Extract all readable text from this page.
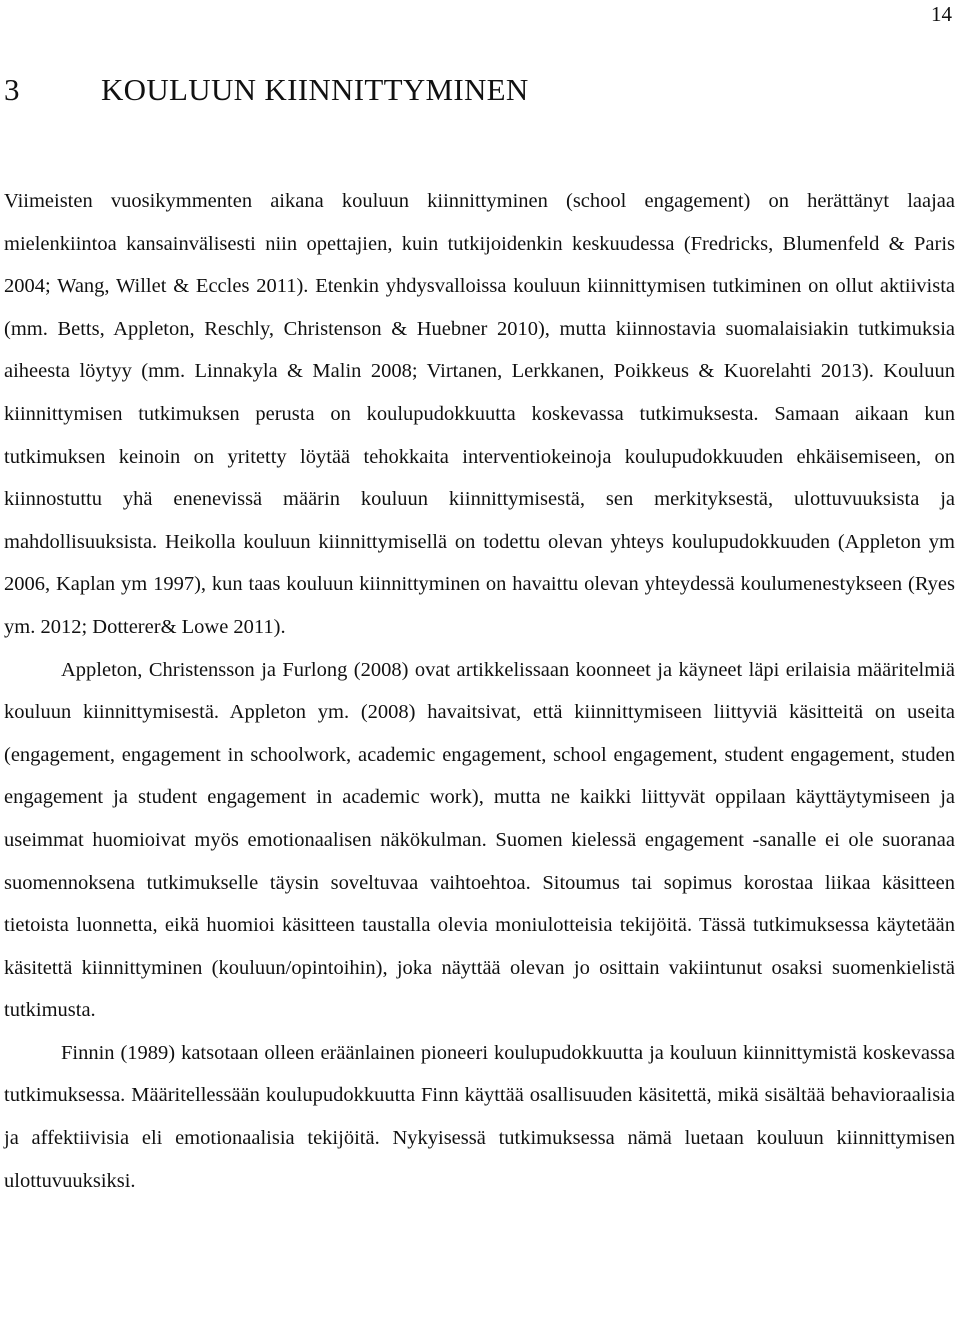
14
3	KOULUUN KIINNITTYMINEN

Viimeisten vuosikymmenten aikana kouluun kiinnittyminen (school engagement) on herättänyt laajaa mielenkiintoa kansainvälisesti niin opettajien, kuin tutkijoidenkin keskuudessa (Fredricks, Blumenfeld & Paris 2004; Wang, Willet & Eccles 2011). Etenkin yhdysvalloissa kouluun kiinnittymisen tutkiminen on ollut aktiivista (mm. Betts, Appleton, Reschly, Christenson & Huebner 2010), mutta kiinnostavia suomalaisiakin tutkimuksia aiheesta löytyy (mm. Linnakyla & Malin 2008; Virtanen, Lerkkanen, Poikkeus & Kuorelahti 2013). Kouluun kiinnittymisen tutkimuksen perusta on koulupudokkuutta koskevassa tutkimuksesta. Samaan aikaan kun tutkimuksen keinoin on yritetty löytää tehokkaita interventiokeinoja koulupudokkuuden ehkäisemiseen, on kiinnostuttu yhä enenevissä määrin kouluun kiinnittymisestä, sen merkityksestä, ulottuvuuksista ja mahdollisuuksista. Heikolla kouluun kiinnittymisellä on todettu olevan yhteys koulupudokkuuden (Appleton ym 2006, Kaplan ym 1997), kun taas kouluun kiinnittyminen on havaittu olevan yhteydessä koulumenestykseen (Ryes ym. 2012; Dotterer& Lowe 2011).

Appleton, Christensson ja Furlong (2008) ovat artikkelissaan koonneet ja käyneet läpi erilaisia määritelmiä kouluun kiinnittymisestä. Appleton ym. (2008) havaitsivat, että kiinnittymiseen liittyviä käsitteitä on useita (engagement, engagement in schoolwork, academic engagement, school engagement, student engagement, studen engagement ja student engagement in academic work), mutta ne kaikki liittyvät oppilaan käyttäytymiseen ja useimmat huomioivat myös emotionaalisen näkökulman. Suomen kielessä engagement -sanalle ei ole suoranaa suomennoksena tutkimukselle täysin soveltuvaa vaihtoehtoa. Sitoumus tai sopimus korostaa liikaa käsitteen tietoista luonnetta, eikä huomioi käsitteen taustalla olevia moniulotteisia tekijöitä. Tässä tutkimuksessa käytetään käsitettä kiinnittyminen (kouluun/opintoihin), joka näyttää olevan jo osittain vakiintunut osaksi suomenkielistä tutkimusta.

Finnin (1989) katsotaan olleen eräänlainen pioneeri koulupudokkuutta ja kouluun kiinnittymistä koskevassa tutkimuksessa. Määritellessään koulupudokkuutta Finn käyttää osallisuuden käsitettä, mikä sisältää behavioraalisia ja affektiivisia eli emotionaalisia tekijöitä. Nykyisessä tutkimuksessa nämä luetaan kouluun kiinnittymisen ulottuvuuksiksi.
